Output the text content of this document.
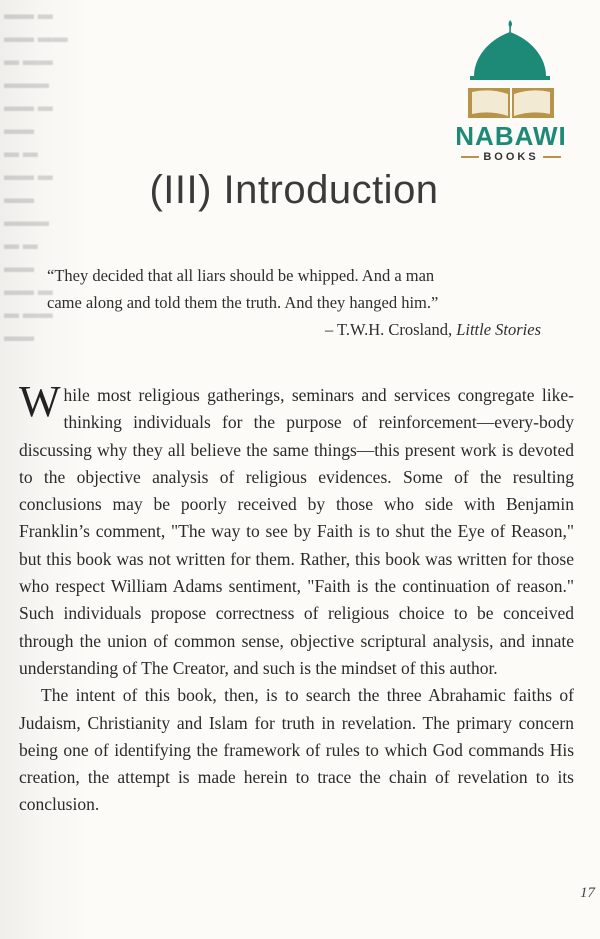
▬▬ ▬
▬▬ ▬▬
▬ ▬▬
▬▬▬
▬▬ ▬
▬▬
▬ ▬
▬▬ ▬
▬▬
▬▬▬
▬ ▬
▬▬
▬▬ ▬
▬ ▬▬
▬▬
NABAWI
BOOKS
(III) Introduction
“They decided that all liars should be whipped. And a man
came along and told them the truth. And they hanged him.”
– T.W.H. Crosland, Little Stories

While most religious gatherings, seminars and services congregate like-thinking individuals for the purpose of reinforcement—every-body discussing why they all believe the same things—this present work is devoted to the objective analysis of religious evidences. Some of the resulting conclusions may be poorly received by those who side with Benjamin Franklin’s comment, "The way to see by Faith is to shut the Eye of Reason," but this book was not written for them. Rather, this book was written for those who respect William Adams sentiment, "Faith is the continuation of reason." Such individuals propose correctness of religious choice to be conceived through the union of common sense, objective scriptural analysis, and innate understanding of The Creator, and such is the mindset of this author.

The intent of this book, then, is to search the three Abrahamic faiths of Judaism, Christianity and Islam for truth in revelation. The primary concern being one of identifying the framework of rules to which God commands His creation, the attempt is made herein to trace the chain of revelation to its conclusion.

17
